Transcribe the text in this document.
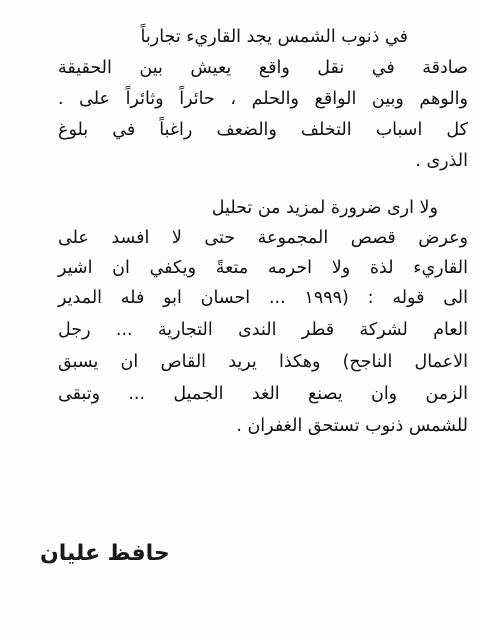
في ذنوب الشمس يجد القاريء تجارباً
صادقة في نقل واقع يعيش بين الحقيقة
والوهم وبين الواقع والحلم ، حائراً وثائراً على .
كل اسباب التخلف والضعف راغباً في بلوغ
الذرى .
ولا ارى ضرورة لمزيد من تحليل
وعرض قصص المجموعة حتى لا افسد على
القاريء لذة ولا احرمه متعةً ويكفي ان اشير
الى قوله : (١٩٩٩ ... احسان ابو فله المدير
العام لشركة قطر الندى التجارية ... رجل
الاعمال الناجح) وهكذا يريد القاص ان يسبق
الزمن وان يصنع الغد الجميل ... وتبقى
للشمس ذنوب تستحق الغفران .
حافظ عليان
